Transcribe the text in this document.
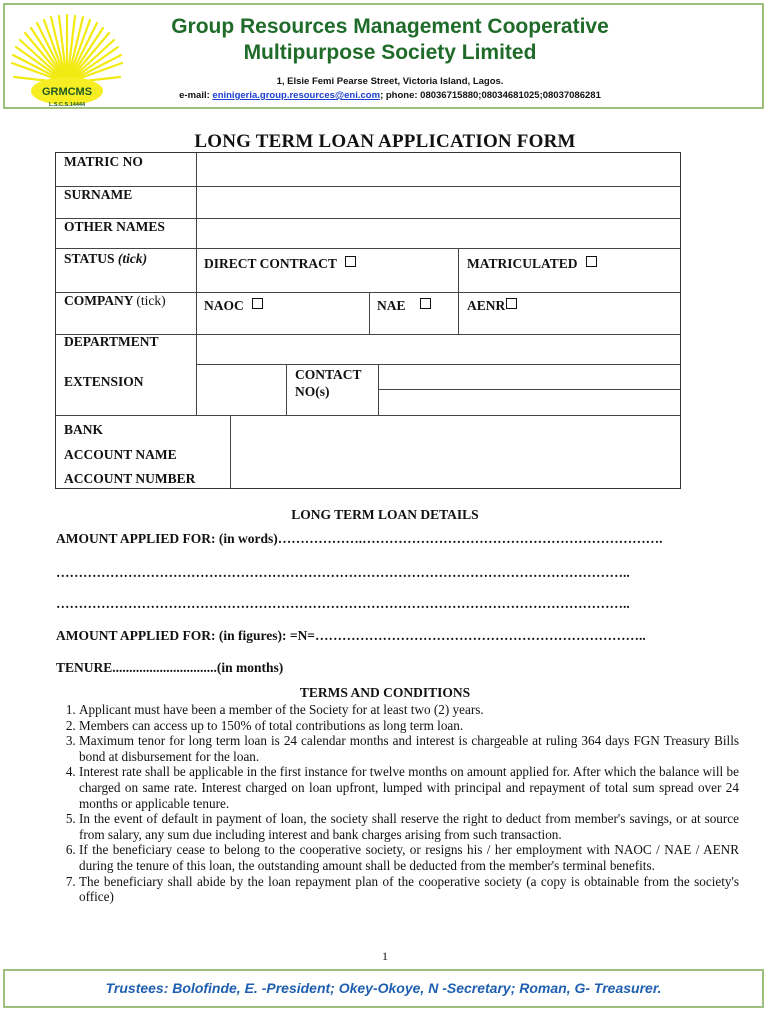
GRMCMS
L.S.C.S.14444
Group Resources Management Cooperative
Multipurpose Society Limited
1, Elsie Femi Pearse Street, Victoria Island, Lagos.
e-mail: eninigeria.group.resources@eni.com; phone: 08036715880;08034681025;08037086281
LONG TERM LOAN APPLICATION FORM
MATRIC NO
SURNAME
OTHER NAMES
STATUS (tick)	DIRECT CONTRACT	MATRICULATED
COMPANY (tick)	NAOC	NAE	AENR
DEPARTMENT
EXTENSION	CONTACT
NO(s)
BANK
ACCOUNT NAME
ACCOUNT NUMBER
LONG TERM LOAN DETAILS
AMOUNT APPLIED FOR: (in words)……………….………………………………………………………….
………………………………………………………………………………………………………………..
………………………………………………………………………………………………………………..
AMOUNT APPLIED FOR: (in figures): =N=………………………………………………………………..
TENURE...............................(in months)
TERMS AND CONDITIONS
1. Applicant must have been a member of the Society for at least two (2) years.
2. Members can access up to 150% of total contributions as long term loan.
3. Maximum tenor for long term loan is 24 calendar months and interest is chargeable at ruling 364 days FGN Treasury Bills bond at disbursement for the loan.
4. Interest rate shall be applicable in the first instance for twelve months on amount applied for. After which the balance will be charged on same rate. Interest charged on loan upfront, lumped with principal and repayment of total sum spread over 24 months or applicable tenure.
5. In the event of default in payment of loan, the society shall reserve the right to deduct from member's savings, or at source from salary, any sum due including interest and bank charges arising from such transaction.
6. If the beneficiary cease to belong to the cooperative society, or resigns his / her employment with NAOC / NAE / AENR during the tenure of this loan, the outstanding amount shall be deducted from the member's terminal benefits.
7. The beneficiary shall abide by the loan repayment plan of the cooperative society (a copy is obtainable from the society's office)
1
Trustees: Bolofinde, E. -President; Okey-Okoye, N -Secretary; Roman, G- Treasurer.
